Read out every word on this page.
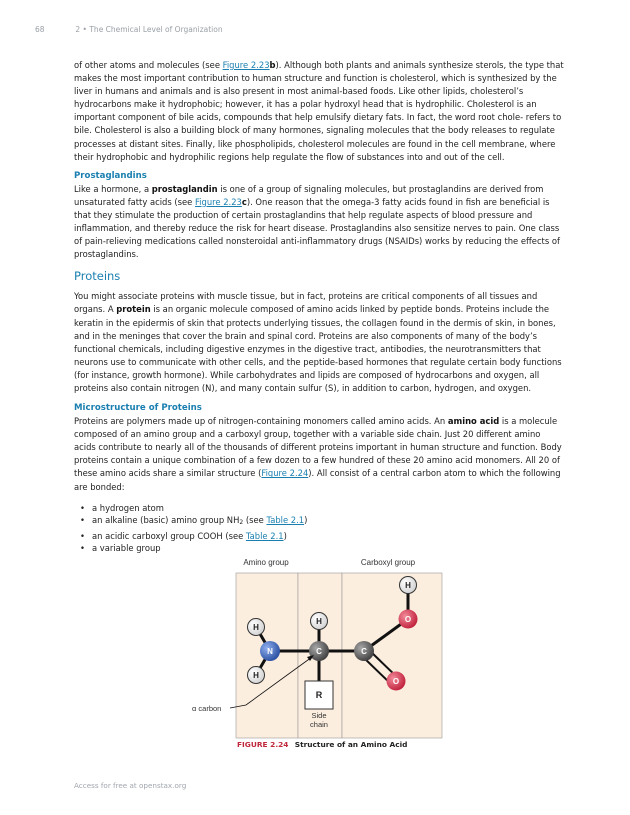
68	2 • The Chemical Level of Organization

of other atoms and molecules (see Figure 2.23b). Although both plants and animals synthesize sterols, the type that makes the most important contribution to human structure and function is cholesterol, which is synthesized by the liver in humans and animals and is also present in most animal-based foods. Like other lipids, cholesterol’s hydrocarbons make it hydrophobic; however, it has a polar hydroxyl head that is hydrophilic. Cholesterol is an important component of bile acids, compounds that help emulsify dietary fats. In fact, the word root chole- refers to bile. Cholesterol is also a building block of many hormones, signaling molecules that the body releases to regulate processes at distant sites. Finally, like phospholipids, cholesterol molecules are found in the cell membrane, where their hydrophobic and hydrophilic regions help regulate the flow of substances into and out of the cell.

Prostaglandins

Like a hormone, a prostaglandin is one of a group of signaling molecules, but prostaglandins are derived from unsaturated fatty acids (see Figure 2.23c). One reason that the omega-3 fatty acids found in fish are beneficial is that they stimulate the production of certain prostaglandins that help regulate aspects of blood pressure and inflammation, and thereby reduce the risk for heart disease. Prostaglandins also sensitize nerves to pain. One class of pain-relieving medications called nonsteroidal anti-inflammatory drugs (NSAIDs) works by reducing the effects of prostaglandins.

Proteins

You might associate proteins with muscle tissue, but in fact, proteins are critical components of all tissues and organs. A protein is an organic molecule composed of amino acids linked by peptide bonds. Proteins include the keratin in the epidermis of skin that protects underlying tissues, the collagen found in the dermis of skin, in bones, and in the meninges that cover the brain and spinal cord. Proteins are also components of many of the body’s functional chemicals, including digestive enzymes in the digestive tract, antibodies, the neurotransmitters that neurons use to communicate with other cells, and the peptide-based hormones that regulate certain body functions (for instance, growth hormone). While carbohydrates and lipids are composed of hydrocarbons and oxygen, all proteins also contain nitrogen (N), and many contain sulfur (S), in addition to carbon, hydrogen, and oxygen.

Microstructure of Proteins

Proteins are polymers made up of nitrogen-containing monomers called amino acids. An amino acid is a molecule composed of an amino group and a carboxyl group, together with a variable side chain. Just 20 different amino acids contribute to nearly all of the thousands of different proteins important in human structure and function. Body proteins contain a unique combination of a few dozen to a few hundred of these 20 amino acid monomers. All 20 of these amino acids share a similar structure (Figure 2.24). All consist of a central carbon atom to which the following are bonded:

• a hydrogen atom
• an alkaline (basic) amino group $NH_2$ (see Table 2.1)
• an acidic carboxyl group COOH (see Table 2.1)
• a variable group
Amino group	Carboxyl group
R
H
H
H
H
N	C	C
O
O
Side
chain
α carbon
FIGURE 2.24 Structure of an Amino Acid
Access for free at openstax.org
